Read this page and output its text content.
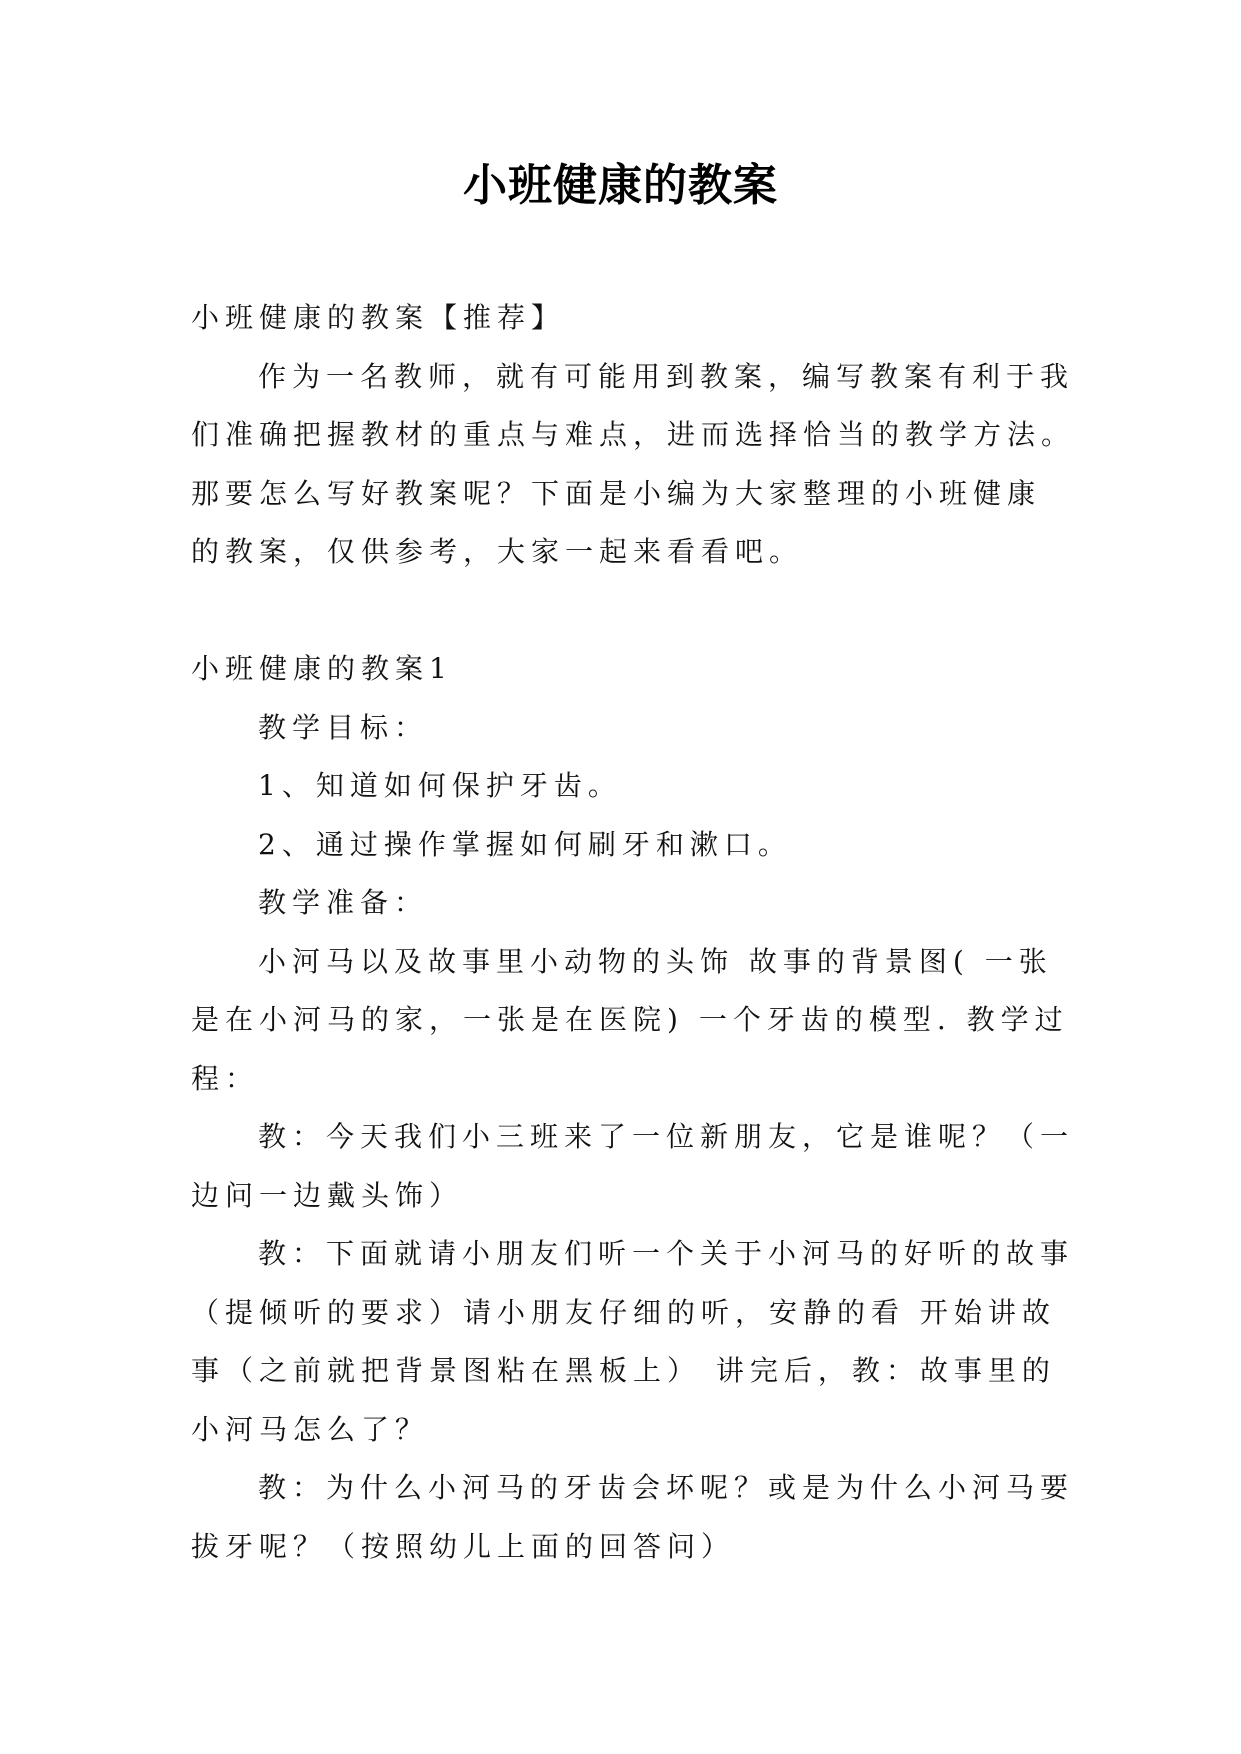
小班健康的教案
小班健康的教案【推荐】
作为一名教师，就有可能用到教案，编写教案有利于我
们准确把握教材的重点与难点，进而选择恰当的教学方法。
那要怎么写好教案呢？下面是小编为大家整理的小班健康
的教案，仅供参考，大家一起来看看吧。
小班健康的教案1
教学目标：
1、知道如何保护牙齿。
2、通过操作掌握如何刷牙和漱口。
教学准备：
小河马以及故事里小动物的头饰 故事的背景图( 一张
是在小河马的家，一张是在医院) 一个牙齿的模型. 教学过
程：
教：今天我们小三班来了一位新朋友，它是谁呢？（一
边问一边戴头饰）
教：下面就请小朋友们听一个关于小河马的好听的故事
（提倾听的要求）请小朋友仔细的听，安静的看 开始讲故
事（之前就把背景图粘在黑板上） 讲完后，教：故事里的
小河马怎么了？
教：为什么小河马的牙齿会坏呢？或是为什么小河马要
拔牙呢？（按照幼儿上面的回答问）
